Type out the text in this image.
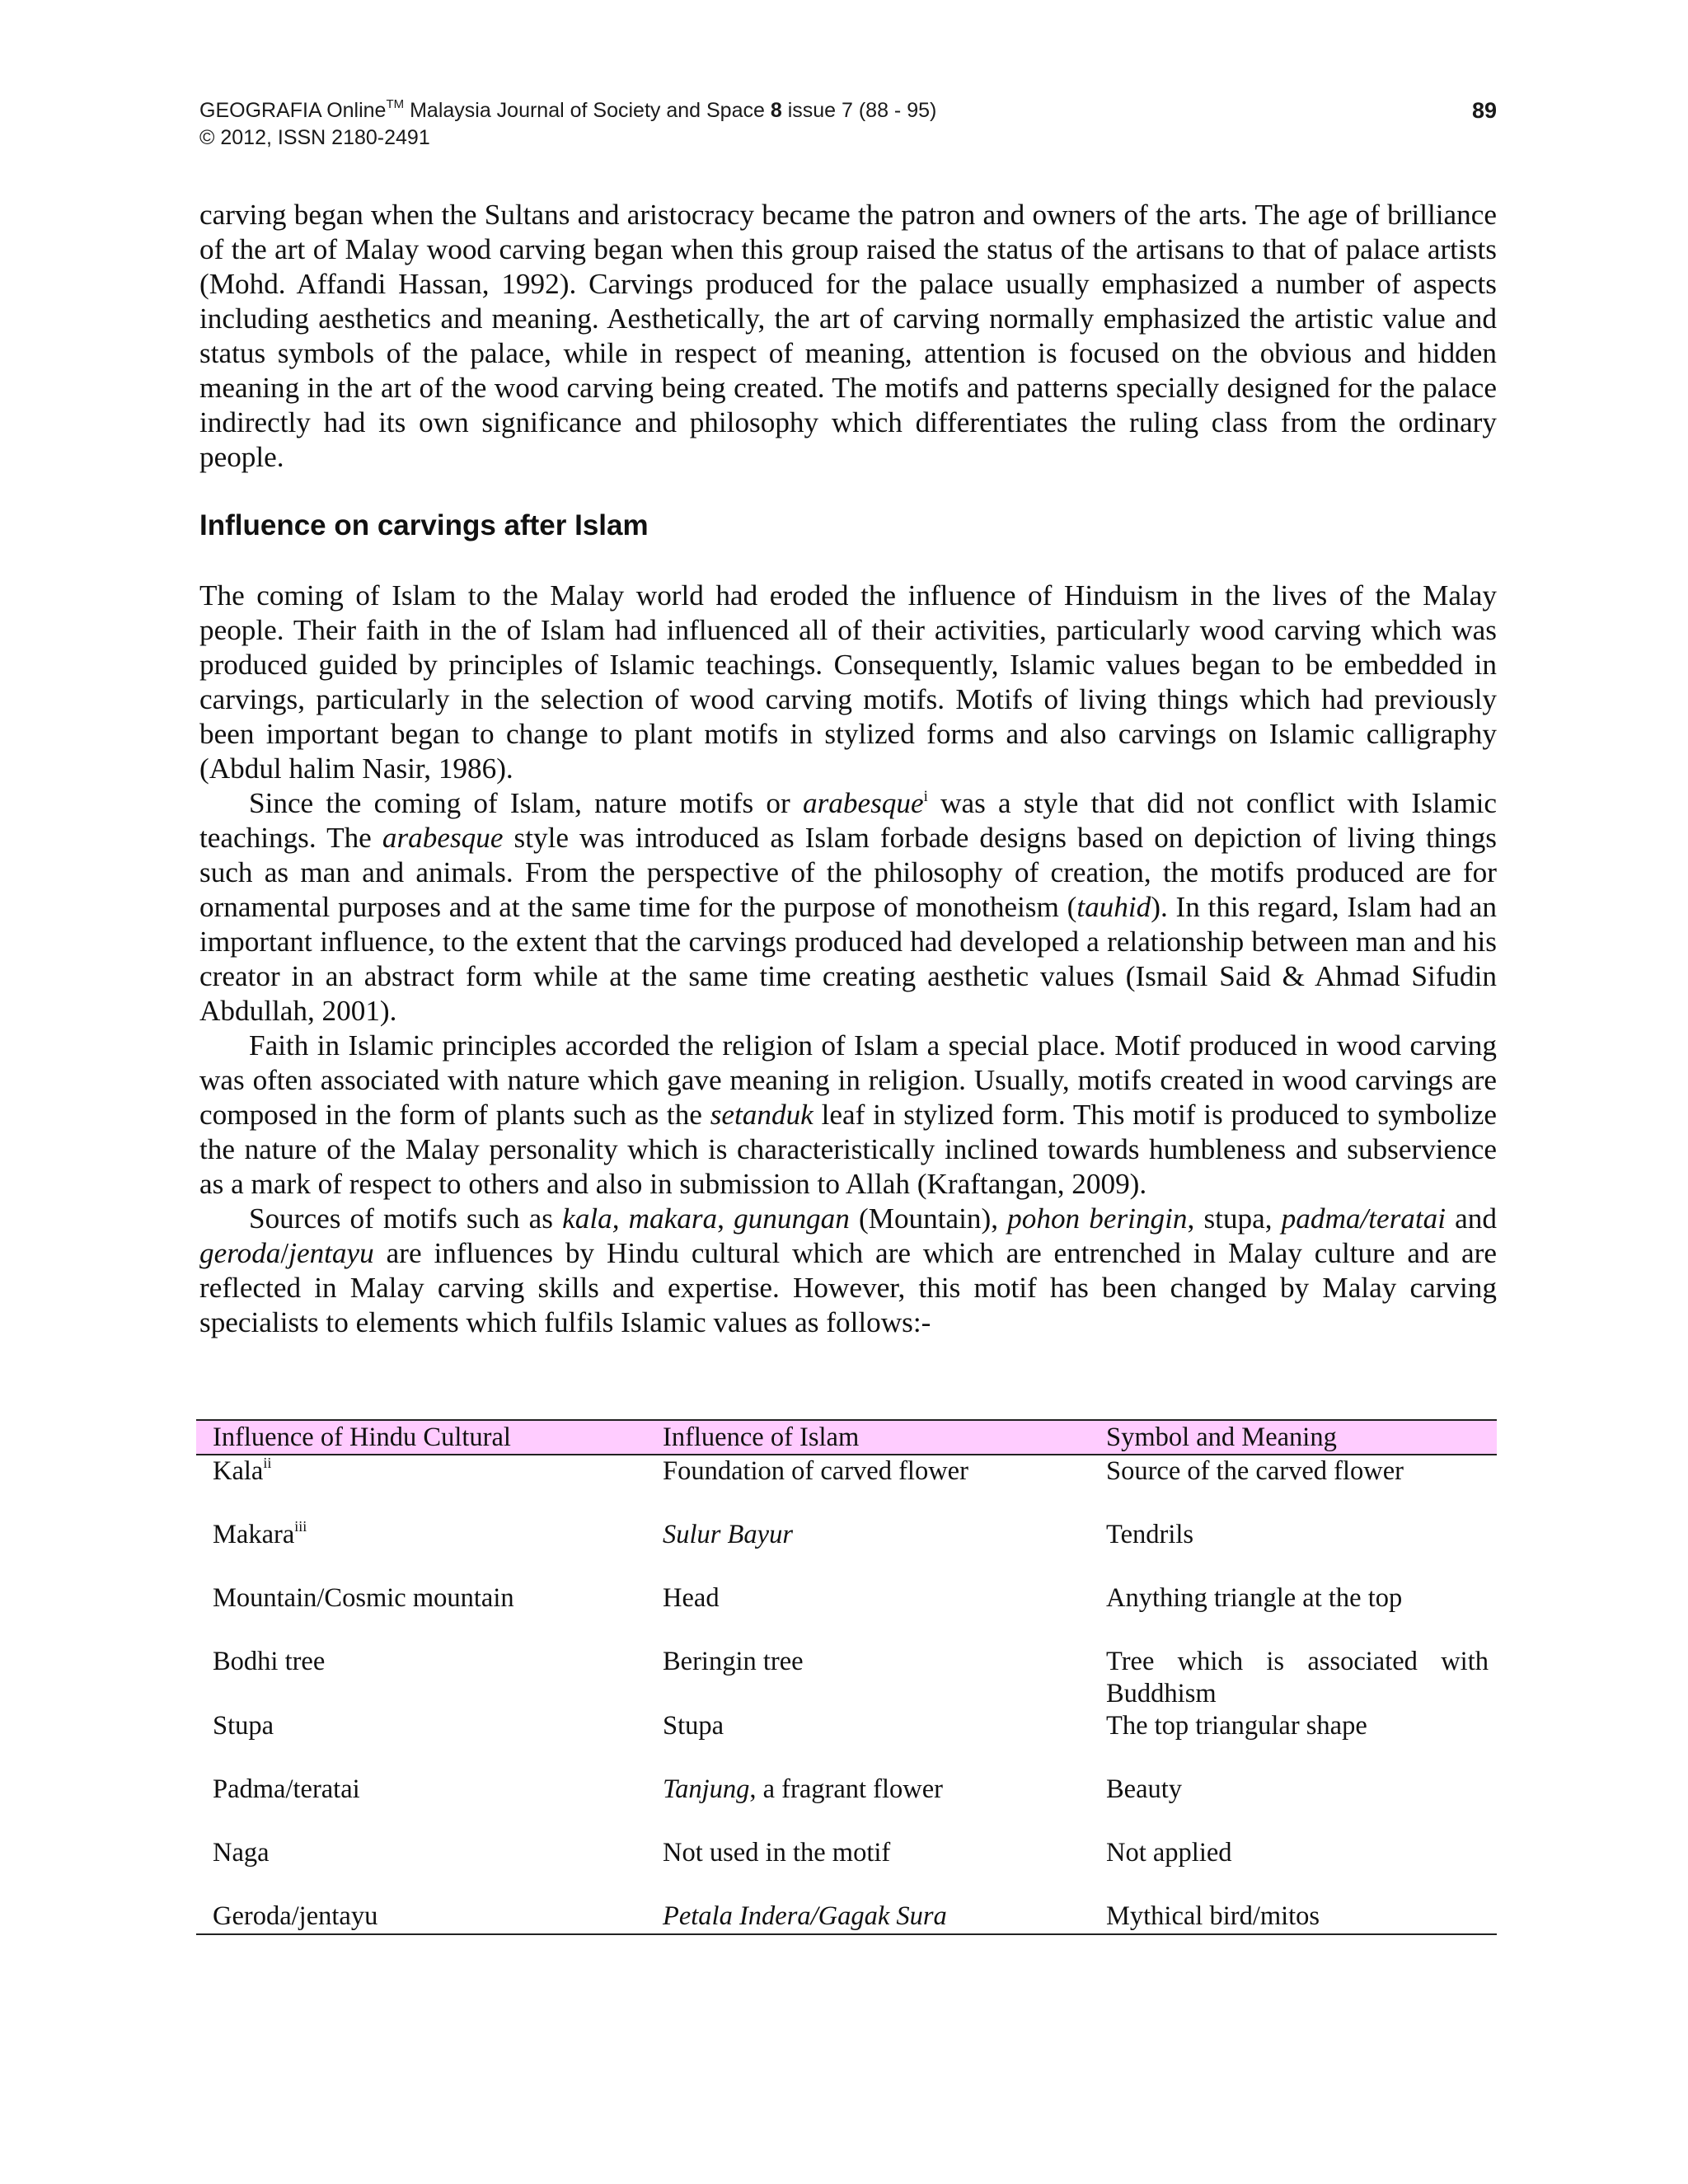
GEOGRAFIA Online™ Malaysia Journal of Society and Space 8 issue 7 (88 - 95)
© 2012, ISSN 2180-2491
89

carving began when the Sultans and aristocracy became the patron and owners of the arts. The age of brilliance of the art of Malay wood carving began when this group raised the status of the artisans to that of palace artists (Mohd. Affandi Hassan, 1992). Carvings produced for the palace usually emphasized a number of aspects including aesthetics and meaning. Aesthetically, the art of carving normally emphasized the artistic value and status symbols of the palace, while in respect of meaning, attention is focused on the obvious and hidden meaning in the art of the wood carving being created. The motifs and patterns specially designed for the palace indirectly had its own significance and philosophy which differentiates the ruling class from the ordinary people.

Influence on carvings after Islam

The coming of Islam to the Malay world had eroded the influence of Hinduism in the lives of the Malay people. Their faith in the of Islam had influenced all of their activities, particularly wood carving which was produced guided by principles of Islamic teachings. Consequently, Islamic values began to be embedded in carvings, particularly in the selection of wood carving motifs. Motifs of living things which had previously been important began to change to plant motifs in stylized forms and also carvings on Islamic calligraphy (Abdul halim Nasir, 1986).

Since the coming of Islam, nature motifs or arabesque$^i$ was a style that did not conflict with Islamic teachings. The arabesque style was introduced as Islam forbade designs based on depiction of living things such as man and animals. From the perspective of the philosophy of creation, the motifs produced are for ornamental purposes and at the same time for the purpose of monotheism (tauhid). In this regard, Islam had an important influence, to the extent that the carvings produced had developed a relationship between man and his creator in an abstract form while at the same time creating aesthetic values (Ismail Said & Ahmad Sifudin Abdullah, 2001).

Faith in Islamic principles accorded the religion of Islam a special place. Motif produced in wood carving was often associated with nature which gave meaning in religion. Usually, motifs created in wood carvings are composed in the form of plants such as the setanduk leaf in stylized form. This motif is produced to symbolize the nature of the Malay personality which is characteristically inclined towards humbleness and subservience as a mark of respect to others and also in submission to Allah (Kraftangan, 2009).

Sources of motifs such as kala, makara, gunungan (Mountain), pohon beringin, stupa, padma/teratai and geroda/jentayu are influences by Hindu cultural which are which are entrenched in Malay culture and are reflected in Malay carving skills and expertise. However, this motif has been changed by Malay carving specialists to elements which fulfils Islamic values as follows:-

Influence of Hindu Cultural	Influence of Islam	Symbol and Meaning
Kala$^{ii}$	Foundation of carved flower	Source of the carved flower
Makara$^{iii}$	Sulur Bayur	Tendrils
Mountain/Cosmic mountain	Head	Anything triangle at the top
Bodhi tree	Beringin tree	Tree which is associated with Buddhism
Stupa	Stupa	The top triangular shape
Padma/teratai	Tanjung, a fragrant flower	Beauty
Naga	Not used in the motif	Not applied
Geroda/jentayu	Petala Indera/Gagak Sura	Mythical bird/mitos
